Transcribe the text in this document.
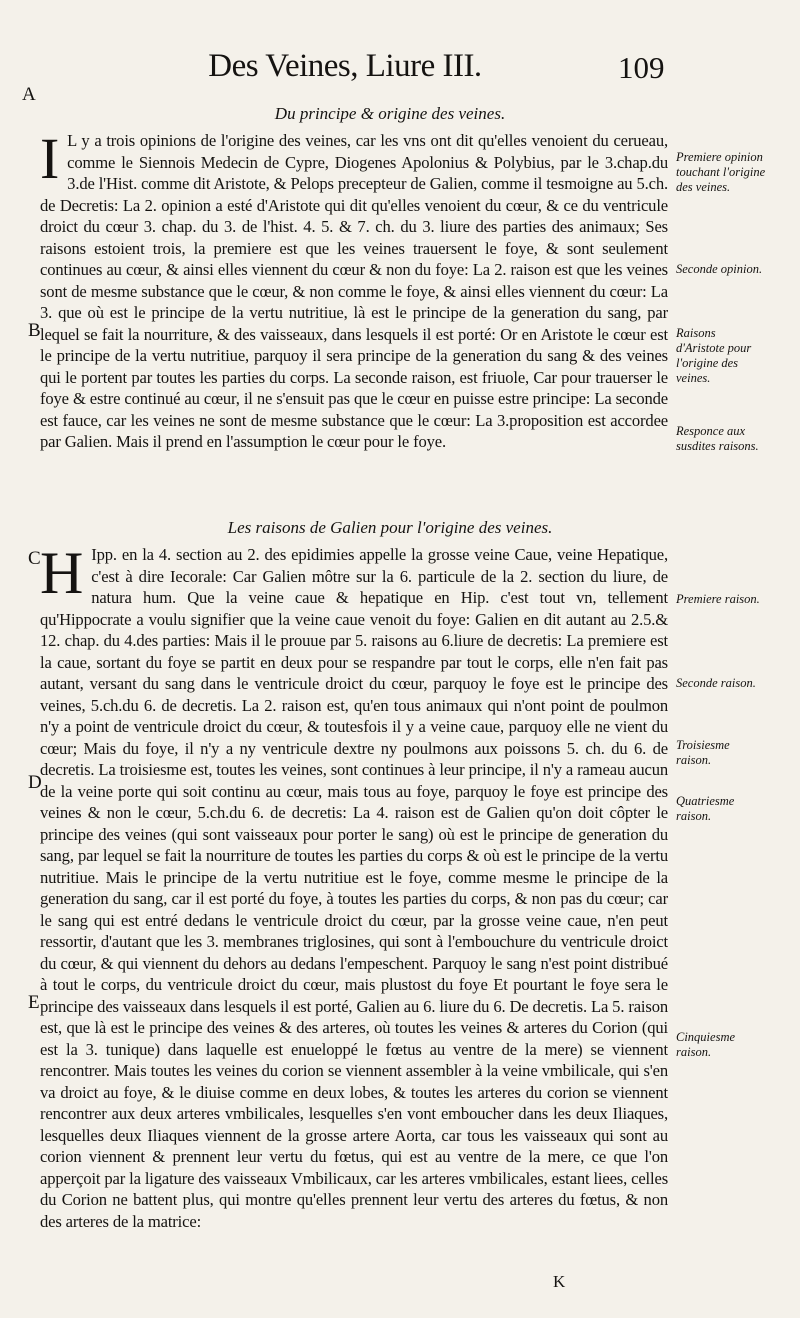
A
Des Veines, Liure III.	109
Du principe & origine des veines.

I L y a trois opinions de l'origine des veines, car les vns ont dit qu'elles venoient du cerueau, comme le Siennois Medecin de Cypre, Diogenes Apolonius & Polybius, par le 3.chap.du 3.de l'Hist. comme dit Aristote, & Pelops precepteur de Galien, comme il tesmoigne au 5.ch. de Decretis: La 2. opinion a esté d'Aristote qui dit qu'elles venoient du cœur, & ce du ventricule droict du cœur 3. chap. du 3. de l'hist. 4. 5. & 7. ch. du 3. liure des parties des animaux; Ses raisons estoient trois, la premiere est que les veines trauersent le foye, & sont seulement continues au cœur, & ainsi elles viennent du cœur & non du foye: La 2. raison est que les veines sont de mesme substance que le cœur, & non comme le foye, & ainsi elles viennent du cœur: La 3. que où est le principe de la vertu nutritiue, là est le principe de la generation du sang, par lequel se fait la nourriture, & des vaisseaux, dans lesquels il est porté: Or en Aristote le cœur est le principe de la vertu nutritiue, parquoy il sera principe de la generation du sang & des veines qui le portent par toutes les parties du corps. La seconde raison, est friuole, Car pour trauerser le foye & estre continué au cœur, il ne s'ensuit pas que le cœur en puisse estre principe: La seconde est fauce, car les veines ne sont de mesme substance que le cœur: La 3.proposition est accordee par Galien. Mais il prend en l'assumption le cœur pour le foye.

Les raisons de Galien pour l'origine des veines.

H Ipp. en la 4. section au 2. des epidimies appelle la grosse veine Caue, veine Hepatique, c'est à dire Iecorale: Car Galien môtre sur la 6. particule de la 2. section du liure, de natura hum. Que la veine caue & hepatique en Hip. c'est tout vn, tellement qu'Hippocrate a voulu signifier que la veine caue venoit du foye: Galien en dit autant au 2.5.& 12. chap. du 4.des parties: Mais il le prouue par 5. raisons au 6.liure de decretis: La premiere est la caue, sortant du foye se partit en deux pour se respandre par tout le corps, elle n'en fait pas autant, versant du sang dans le ventricule droict du cœur, parquoy le foye est le principe des veines, 5.ch.du 6. de decretis. La 2. raison est, qu'en tous animaux qui n'ont point de poulmon n'y a point de ventricule droict du cœur, & toutesfois il y a veine caue, parquoy elle ne vient du cœur; Mais du foye, il n'y a ny ventricule dextre ny poulmons aux poissons 5. ch. du 6. de decretis. La troisiesme est, toutes les veines, sont continues à leur principe, il n'y a rameau aucun de la veine porte qui soit continu au cœur, mais tous au foye, parquoy le foye est principe des veines & non le cœur, 5.ch.du 6. de decretis: La 4. raison est de Galien qu'on doit côpter le principe des veines (qui sont vaisseaux pour porter le sang) où est le principe de generation du sang, par lequel se fait la nourriture de toutes les parties du corps & où est le principe de la vertu nutritiue. Mais le principe de la vertu nutritiue est le foye, comme mesme le principe de la generation du sang, car il est porté du foye, à toutes les parties du corps, & non pas du cœur; car le sang qui est entré dedans le ventricule droict du cœur, par la grosse veine caue, n'en peut ressortir, d'autant que les 3. membranes triglosines, qui sont à l'embouchure du ventricule droict du cœur, & qui viennent du dehors au dedans l'empeschent. Parquoy le sang n'est point distribué à tout le corps, du ventricule droict du cœur, mais plustost du foye Et pourtant le foye sera le principe des vaisseaux dans lesquels il est porté, Galien au 6. liure du 6. De decretis. La 5. raison est, que là est le principe des veines & des arteres, où toutes les veines & arteres du Corion (qui est la 3. tunique) dans laquelle est enueloppé le fœtus au ventre de la mere) se viennent rencontrer. Mais toutes les veines du corion se viennent assembler à la veine vmbilicale, qui s'en va droict au foye, & le diuise comme en deux lobes, & toutes les arteres du corion se viennent rencontrer aux deux arteres vmbilicales, lesquelles s'en vont emboucher dans les deux Iliaques, lesquelles deux Iliaques viennent de la grosse artere Aorta, car tous les vaisseaux qui sont au corion viennent & prennent leur vertu du fœtus, qui est au ventre de la mere, ce que l'on apperçoit par la ligature des vaisseaux Vmbilicaux, car les arteres vmbilicales, estant liees, celles du Corion ne battent plus, qui montre qu'elles prennent leur vertu des arteres du fœtus, & non des arteres de la matrice:

B
C
D
E
Premiere opinion touchant l'origine des veines.
Seconde opinion.
Raisons d'Aristote pour l'origine des veines.
Responce aux susdites raisons.
Premiere raison.
Seconde raison.
Troisiesme raison.
Quatriesme raison.
Cinquiesme raison.
K
